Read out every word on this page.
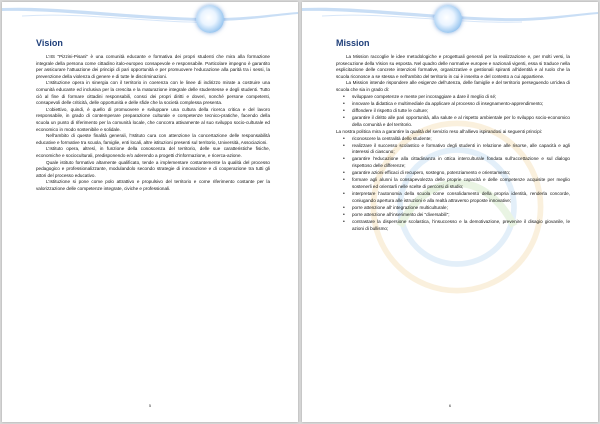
Vision

L’IIS "Pizzini-Pisani" è una comunità educante e formativa dei propri studenti che mira alla formazione integrale della persona come cittadino italo-europeo consapevole e responsabile. Particolare impegno è garantito per assicurare l’attuazione dei principi di pari opportunità e per promuovere l’educazione alla parità tra i sessi, la prevenzione della violenza di genere e di tutte le discriminazioni.

L’Istituzione opera in sinergia con il territorio in coerenza con le linee di indirizzo mirate a costruire una comunità educante ed inclusiva per la crescita e la maturazione integrale delle studentesse e degli studenti. Tutto ciò al fine di formare cittadini responsabili, consci dei propri diritti e doveri, nonché persone competenti, consapevoli delle criticità, delle opportunità e delle sfide che la società complessa presenta.

L’obiettivo, quindi, è quello di promuovere e sviluppare una cultura della ricerca critica e del lavoro responsabile, in grado di contemperare preparazione culturale e competenze tecnico-pratiche, facendo della scuola un punto di riferimento per la comunità locale, che concorra attivamente al suo sviluppo socio-culturale ed economico in modo sostenibile e solidale.

Nell’ambito di queste finalità generali, l’Istituto cura con attenzione la concertazione delle responsabilità educative e formative tra scuola, famiglie, enti locali, altre istituzioni presenti sul territorio, Università, Associazioni.

L’Istituto opera, altresì, in funzione della conoscenza del territorio, delle sue caratteristiche fisiche, economiche e socioculturali, predisponendo e/o aderendo a progetti d’informazione, e ricerca-azione.

Quale istituto formativo altamente qualificato, tende a implementare costantemente la qualità del processo pedagogico e professionalizzante, modulandolo secondo strategie di innovazione e di cooperazione tra tutti gli attori del processo educativo.

L’Istituzione si pone come polo attrattivo e propulsivo del territorio e come riferimento costante per la valorizzazione delle competenze integrate, civiche e professionali.

5
Mission

La Mission raccoglie le idee metodologiche e progettuali generali per la realizzazione e, per molti versi, la prosecuzione della Vision su esposta. Nel quadro delle normative europee e nazionali vigenti, essa si traduce nella esplicitazione delle concrete intenzioni formative, organizzative e gestionali spiranti all’identità e al ruolo che la scuola riconosce a se stessa e nell’ambito del territorio in cui è inserita e del contesto a cui appartiene.

La Mission intende rispondere alle esigenze dell’utenza, delle famiglie e del territorio perseguendo un’idea di scuola che sia in grado di:

• sviluppare competenze e mente per incoraggiare a dare il meglio di sé;
• innovare la didattica e multimediale da applicare al processo di insegnamento-apprendimento;
• diffondere il rispetto di tutte le culture;
• garantire il diritto alle pari opportunità, alla salute e al rispetto ambientale per lo sviluppo socio-economico della comunità e del territorio.

La nostra politica mira a garantire la qualità del servizio reso all’allievo ispirandosi ai seguenti principi:

• riconoscere la centralità dello studente;
• realizzare il successo scolastico e formativo degli studenti in relazione alle risorse, alle capacità e agli interessi di ciascuno;
• garantire l’educazione alla cittadinanza in ottica interculturale fondata sull’accettazione e sul dialogo rispettoso delle differenze;
• garantire azioni efficaci di recupero, sostegno, potenziamento e orientamento;
• formare agli alunni la consapevolezza delle proprie capacità e delle competenze acquisite per meglio sostenerli ed orientarli nelle scelte di percorsi di studio;
• interpretare l’autonomia della scuola come consolidamento della propria identità, renderla concorde, coniugando apertura alle istruzioni e alla realtà attraverso proposte innovative;
• porre attenzione all’ integrazione multiculturale;
• porre attenzione all’inserimento dei "diversabili";
• contrastare la dispersione scolastica, l’insuccesso e la demotivazione, prevenire il disagio giovanile, le azioni di bullismo;
6
